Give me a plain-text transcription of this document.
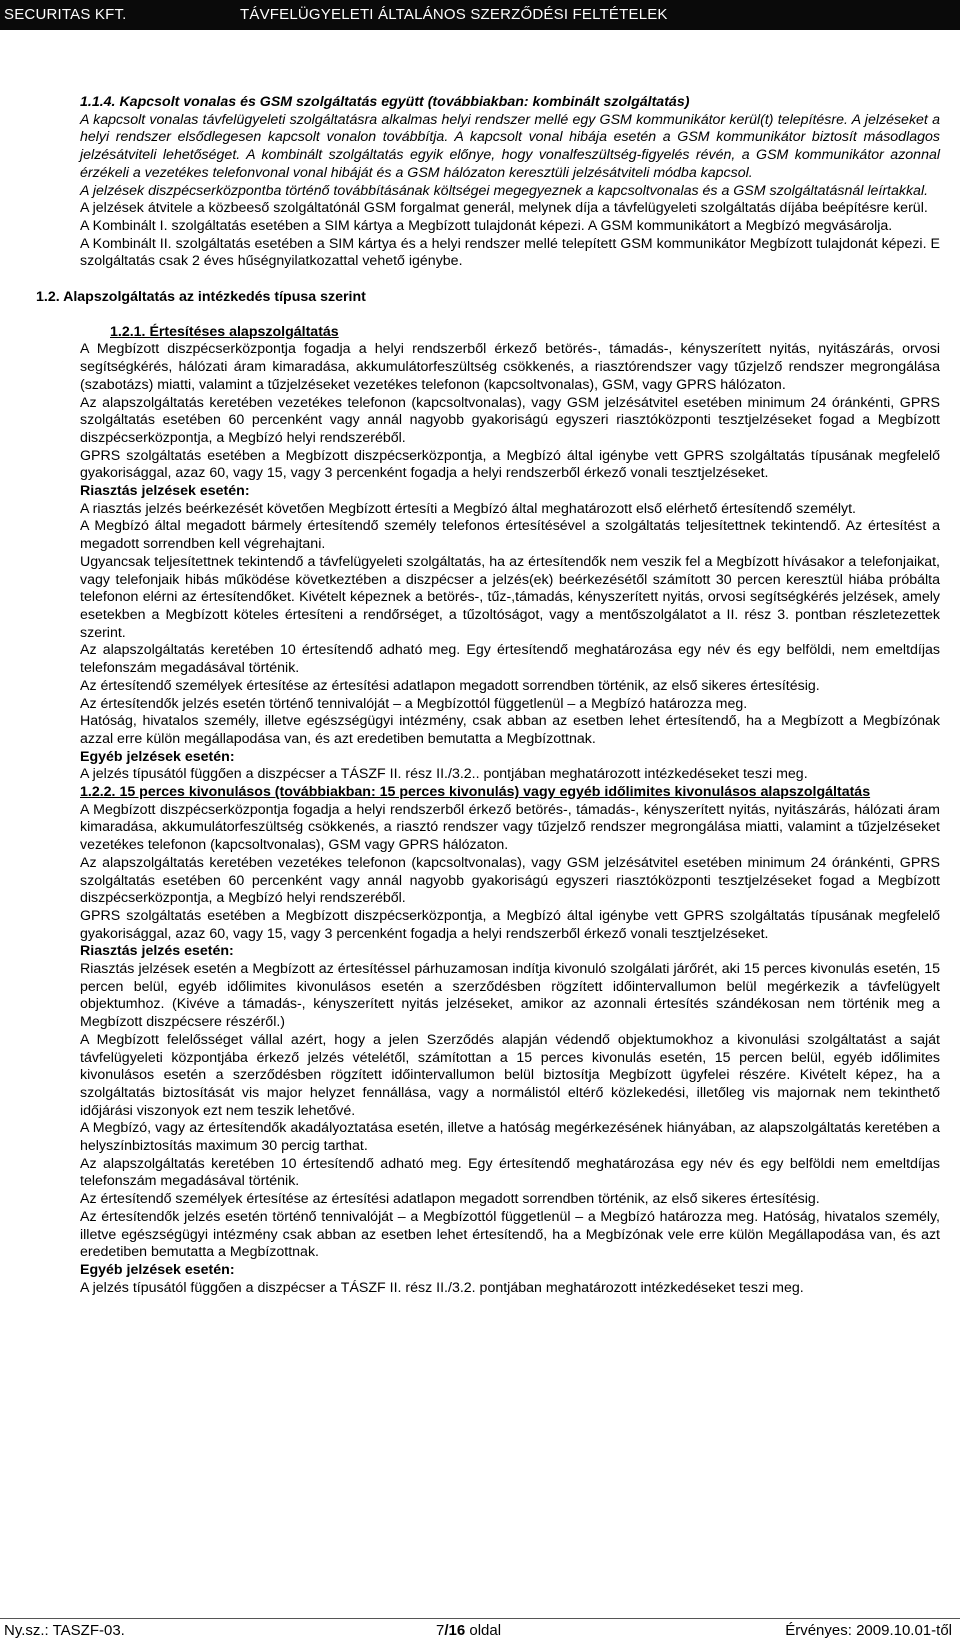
SECURITAS KFT.	TÁVFELÜGYELETI ÁLTALÁNOS SZERZŐDÉSI FELTÉTELEK

1.1.4. Kapcsolt vonalas és GSM szolgáltatás együtt (továbbiakban: kombinált szolgáltatás)

A kapcsolt vonalas távfelügyeleti szolgáltatásra alkalmas helyi rendszer mellé egy GSM kommunikátor kerül(t) telepítésre. A jelzéseket a helyi rendszer elsődlegesen kapcsolt vonalon továbbítja. A kapcsolt vonal hibája esetén a GSM kommunikátor biztosít másodlagos jelzésátviteli lehetőséget. A kombinált szolgáltatás egyik előnye, hogy vonalfeszültség-figyelés révén, a GSM kommunikátor azonnal érzékeli a vezetékes telefonvonal vonal hibáját és a GSM hálózaton keresztüli jelzésátviteli módba kapcsol.

A jelzések diszpécserközpontba történő továbbításának költségei megegyeznek a kapcsoltvonalas és a GSM szolgáltatásnál leírtakkal.

A jelzések átvitele a közbeeső szolgáltatónál GSM forgalmat generál, melynek díja a távfelügyeleti szolgáltatás díjába beépítésre kerül.

A Kombinált I. szolgáltatás esetében a SIM kártya a Megbízott tulajdonát képezi. A GSM kommunikátort a Megbízó megvásárolja.

A Kombinált II. szolgáltatás esetében a SIM kártya és a helyi rendszer mellé telepített GSM kommunikátor Megbízott tulajdonát képezi. E szolgáltatás csak 2 éves hűségnyilatkozattal vehető igénybe.

1.2. Alapszolgáltatás az intézkedés típusa szerint

1.2.1. Értesítéses alapszolgáltatás

A Megbízott diszpécserközpontja fogadja a helyi rendszerből érkező betörés-, támadás-, kényszerített nyitás, nyitászárás, orvosi segítségkérés, hálózati áram kimaradása, akkumulátorfeszültség csökkenés, a riasztórendszer vagy tűzjelző rendszer megrongálása (szabotázs) miatti, valamint a tűzjelzéseket vezetékes telefonon (kapcsoltvonalas), GSM, vagy GPRS hálózaton.

Az alapszolgáltatás keretében vezetékes telefonon (kapcsoltvonalas), vagy GSM jelzésátvitel esetében minimum 24 óránkénti, GPRS szolgáltatás esetében 60 percenként vagy annál nagyobb gyakoriságú egyszeri riasztóközponti tesztjelzéseket fogad a Megbízott diszpécserközpontja, a Megbízó helyi rendszeréből.

GPRS szolgáltatás esetében a Megbízott diszpécserközpontja, a Megbízó által igénybe vett GPRS szolgáltatás típusának megfelelő gyakorisággal, azaz 60, vagy 15, vagy 3 percenként fogadja a helyi rendszerből érkező vonali tesztjelzéseket.

Riasztás jelzések esetén:

A riasztás jelzés beérkezését követően Megbízott értesíti a Megbízó által meghatározott első elérhető értesítendő személyt.

A Megbízó által megadott bármely értesítendő személy telefonos értesítésével a szolgáltatás teljesítettnek tekintendő. Az értesítést a megadott sorrendben kell végrehajtani.

Ugyancsak teljesítettnek tekintendő a távfelügyeleti szolgáltatás, ha az értesítendők nem veszik fel a Megbízott hívásakor a telefonjaikat, vagy telefonjaik hibás működése következtében a diszpécser a jelzés(ek) beérkezésétől számított 30 percen keresztül hiába próbálta telefonon elérni az értesítendőket. Kivételt képeznek a betörés-, tűz-,támadás, kényszerített nyitás, orvosi segítségkérés jelzések, amely esetekben a Megbízott köteles értesíteni a rendőrséget, a tűzoltóságot, vagy a mentőszolgálatot a II. rész 3. pontban részletezettek szerint.

Az alapszolgáltatás keretében 10 értesítendő adható meg. Egy értesítendő meghatározása egy név és egy belföldi, nem emeltdíjas telefonszám megadásával történik.

Az értesítendő személyek értesítése az értesítési adatlapon megadott sorrendben történik, az első sikeres értesítésig.

Az értesítendők jelzés esetén történő tennivalóját – a Megbízottól függetlenül – a Megbízó határozza meg.

Hatóság, hivatalos személy, illetve egészségügyi intézmény, csak abban az esetben lehet értesítendő, ha a Megbízott a Megbízónak azzal erre külön megállapodása van, és azt eredetiben bemutatta a Megbízottnak.

Egyéb jelzések esetén:

A jelzés típusától függően a diszpécser a TÁSZF II. rész II./3.2.. pontjában meghatározott intézkedéseket teszi meg.

1.2.2. 15 perces kivonulásos (továbbiakban: 15 perces kivonulás) vagy egyéb időlimites kivonulásos alapszolgáltatás

A Megbízott diszpécserközpontja fogadja a helyi rendszerből érkező betörés-, támadás-, kényszerített nyitás, nyitászárás, hálózati áram kimaradása, akkumulátorfeszültség csökkenés, a riasztó rendszer vagy tűzjelző rendszer megrongálása miatti, valamint a tűzjelzéseket vezetékes telefonon (kapcsoltvonalas), GSM vagy GPRS hálózaton.

Az alapszolgáltatás keretében vezetékes telefonon (kapcsoltvonalas), vagy GSM jelzésátvitel esetében minimum 24 óránkénti, GPRS szolgáltatás esetében 60 percenként vagy annál nagyobb gyakoriságú egyszeri riasztóközponti tesztjelzéseket fogad a Megbízott diszpécserközpontja, a Megbízó helyi rendszeréből.

GPRS szolgáltatás esetében a Megbízott diszpécserközpontja, a Megbízó által igénybe vett GPRS szolgáltatás típusának megfelelő gyakorisággal, azaz 60, vagy 15, vagy 3 percenként fogadja a helyi rendszerből érkező vonali tesztjelzéseket.

Riasztás jelzés esetén:

Riasztás jelzések esetén a Megbízott az értesítéssel párhuzamosan indítja kivonuló szolgálati járőrét, aki 15 perces kivonulás esetén, 15 percen belül, egyéb időlimites kivonulásos esetén a szerződésben rögzített időintervallumon belül megérkezik a távfelügyelt objektumhoz. (Kivéve a támadás-, kényszerített nyitás jelzéseket, amikor az azonnali értesítés szándékosan nem történik meg a Megbízott diszpécsere részéről.)

A Megbízott felelősséget vállal azért, hogy a jelen Szerződés alapján védendő objektumokhoz a kivonulási szolgáltatást a saját távfelügyeleti központjába érkező jelzés vételétől, számítottan a 15 perces kivonulás esetén, 15 percen belül, egyéb időlimites kivonulásos esetén a szerződésben rögzített időintervallumon belül biztosítja Megbízott ügyfelei részére. Kivételt képez, ha a szolgáltatás biztosítását vis major helyzet fennállása, vagy a normálistól eltérő közlekedési, illetőleg vis majornak nem tekinthető időjárási viszonyok ezt nem teszik lehetővé.

A Megbízó, vagy az értesítendők akadályoztatása esetén, illetve a hatóság megérkezésének hiányában, az alapszolgáltatás keretében a helyszínbiztosítás maximum 30 percig tarthat.

Az alapszolgáltatás keretében 10 értesítendő adható meg. Egy értesítendő meghatározása egy név és egy belföldi nem emeltdíjas telefonszám megadásával történik.

Az értesítendő személyek értesítése az értesítési adatlapon megadott sorrendben történik, az első sikeres értesítésig.

Az értesítendők jelzés esetén történő tennivalóját – a Megbízottól függetlenül – a Megbízó határozza meg. Hatóság, hivatalos személy, illetve egészségügyi intézmény csak abban az esetben lehet értesítendő, ha a Megbízónak vele erre külön Megállapodása van, és azt eredetiben bemutatta a Megbízottnak.

Egyéb jelzések esetén:

A jelzés típusától függően a diszpécser a TÁSZF II. rész II./3.2. pontjában meghatározott intézkedéseket teszi meg.

Ny.sz.: TASZF-03.	7/16 oldal	Érvényes: 2009.10.01-től
